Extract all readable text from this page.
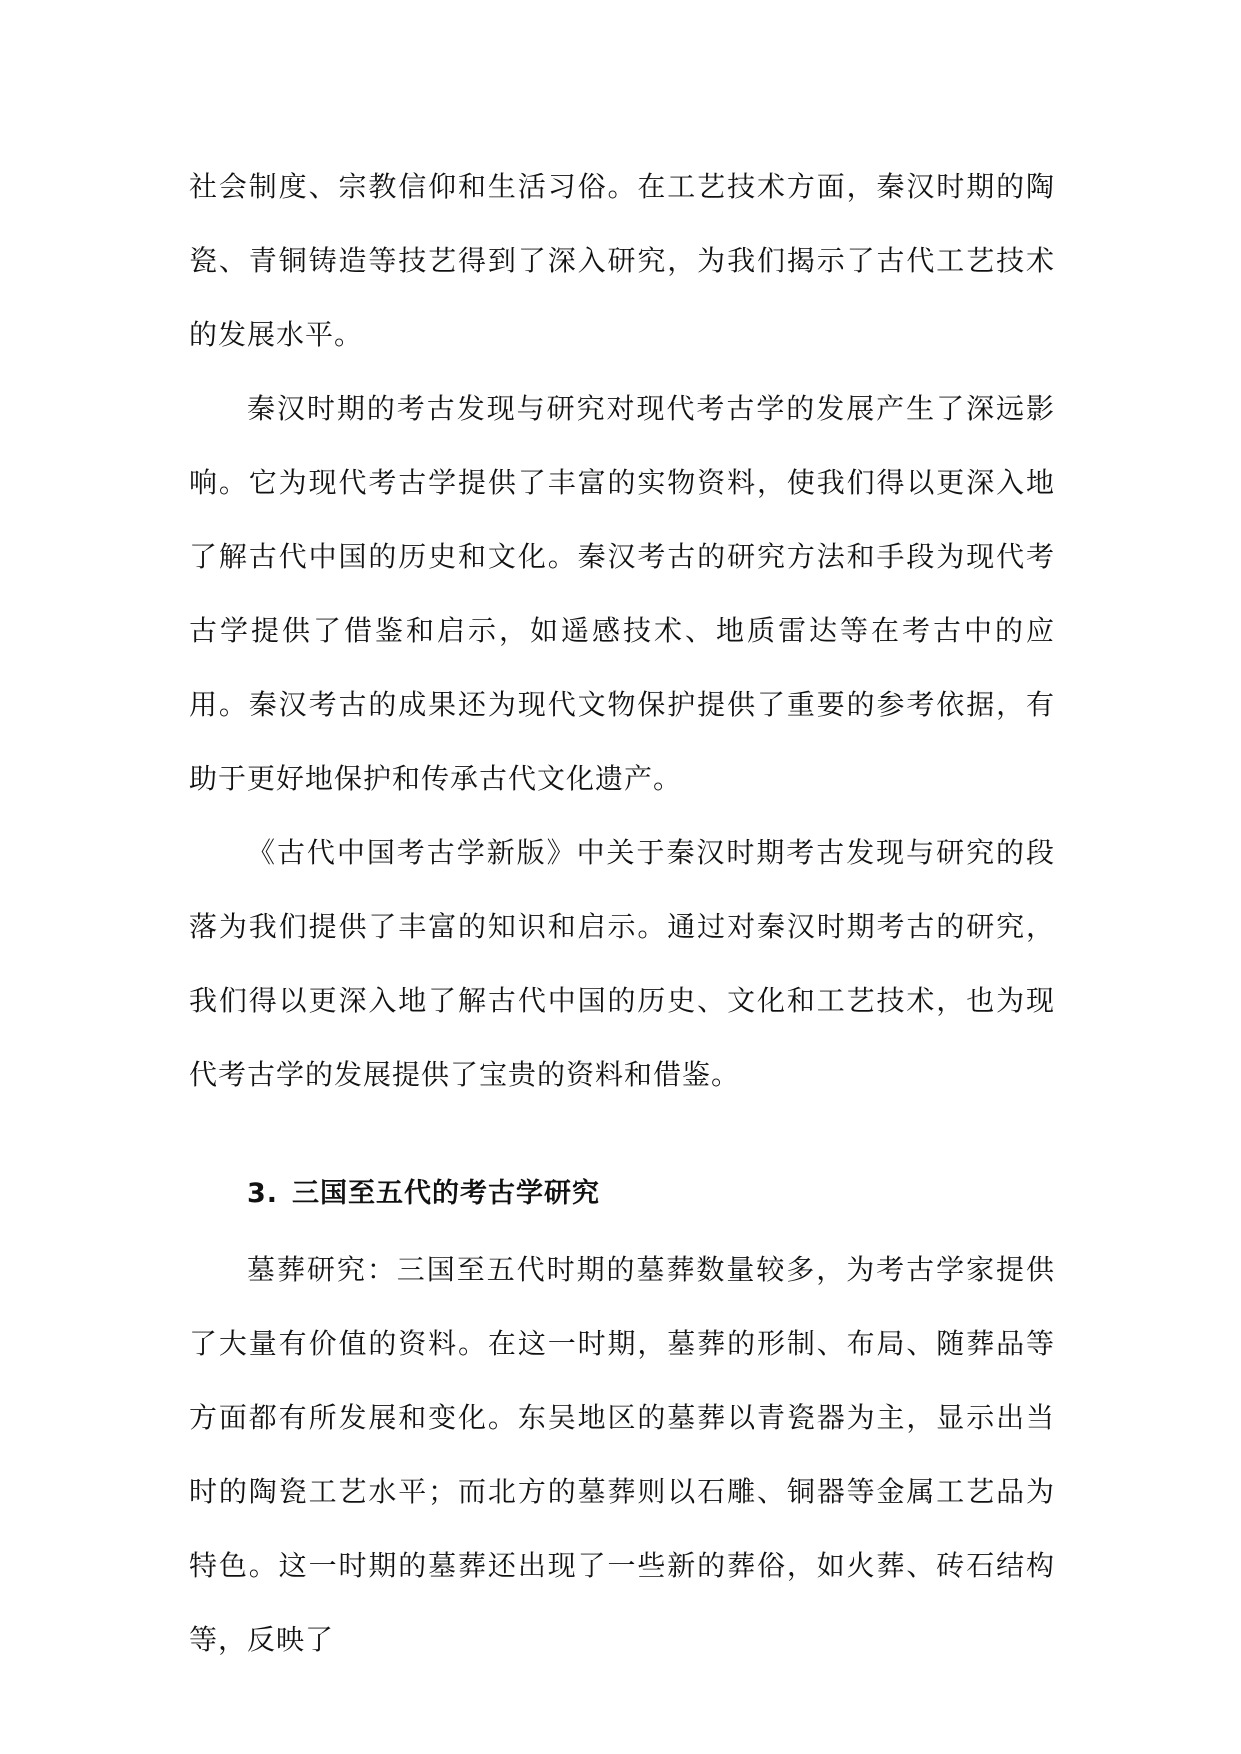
社会制度、宗教信仰和生活习俗。在工艺技术方面，秦汉时期的陶瓷、青铜铸造等技艺得到了深入研究，为我们揭示了古代工艺技术的发展水平。

秦汉时期的考古发现与研究对现代考古学的发展产生了深远影响。它为现代考古学提供了丰富的实物资料，使我们得以更深入地了解古代中国的历史和文化。秦汉考古的研究方法和手段为现代考古学提供了借鉴和启示，如遥感技术、地质雷达等在考古中的应用。秦汉考古的成果还为现代文物保护提供了重要的参考依据，有助于更好地保护和传承古代文化遗产。

《古代中国考古学新版》中关于秦汉时期考古发现与研究的段落为我们提供了丰富的知识和启示。通过对秦汉时期考古的研究，我们得以更深入地了解古代中国的历史、文化和工艺技术，也为现代考古学的发展提供了宝贵的资料和借鉴。

3. 三国至五代的考古学研究

墓葬研究：三国至五代时期的墓葬数量较多，为考古学家提供了大量有价值的资料。在这一时期，墓葬的形制、布局、随葬品等方面都有所发展和变化。东吴地区的墓葬以青瓷器为主，显示出当时的陶瓷工艺水平；而北方的墓葬则以石雕、铜器等金属工艺品为特色。这一时期的墓葬还出现了一些新的葬俗，如火葬、砖石结构等，反映了
